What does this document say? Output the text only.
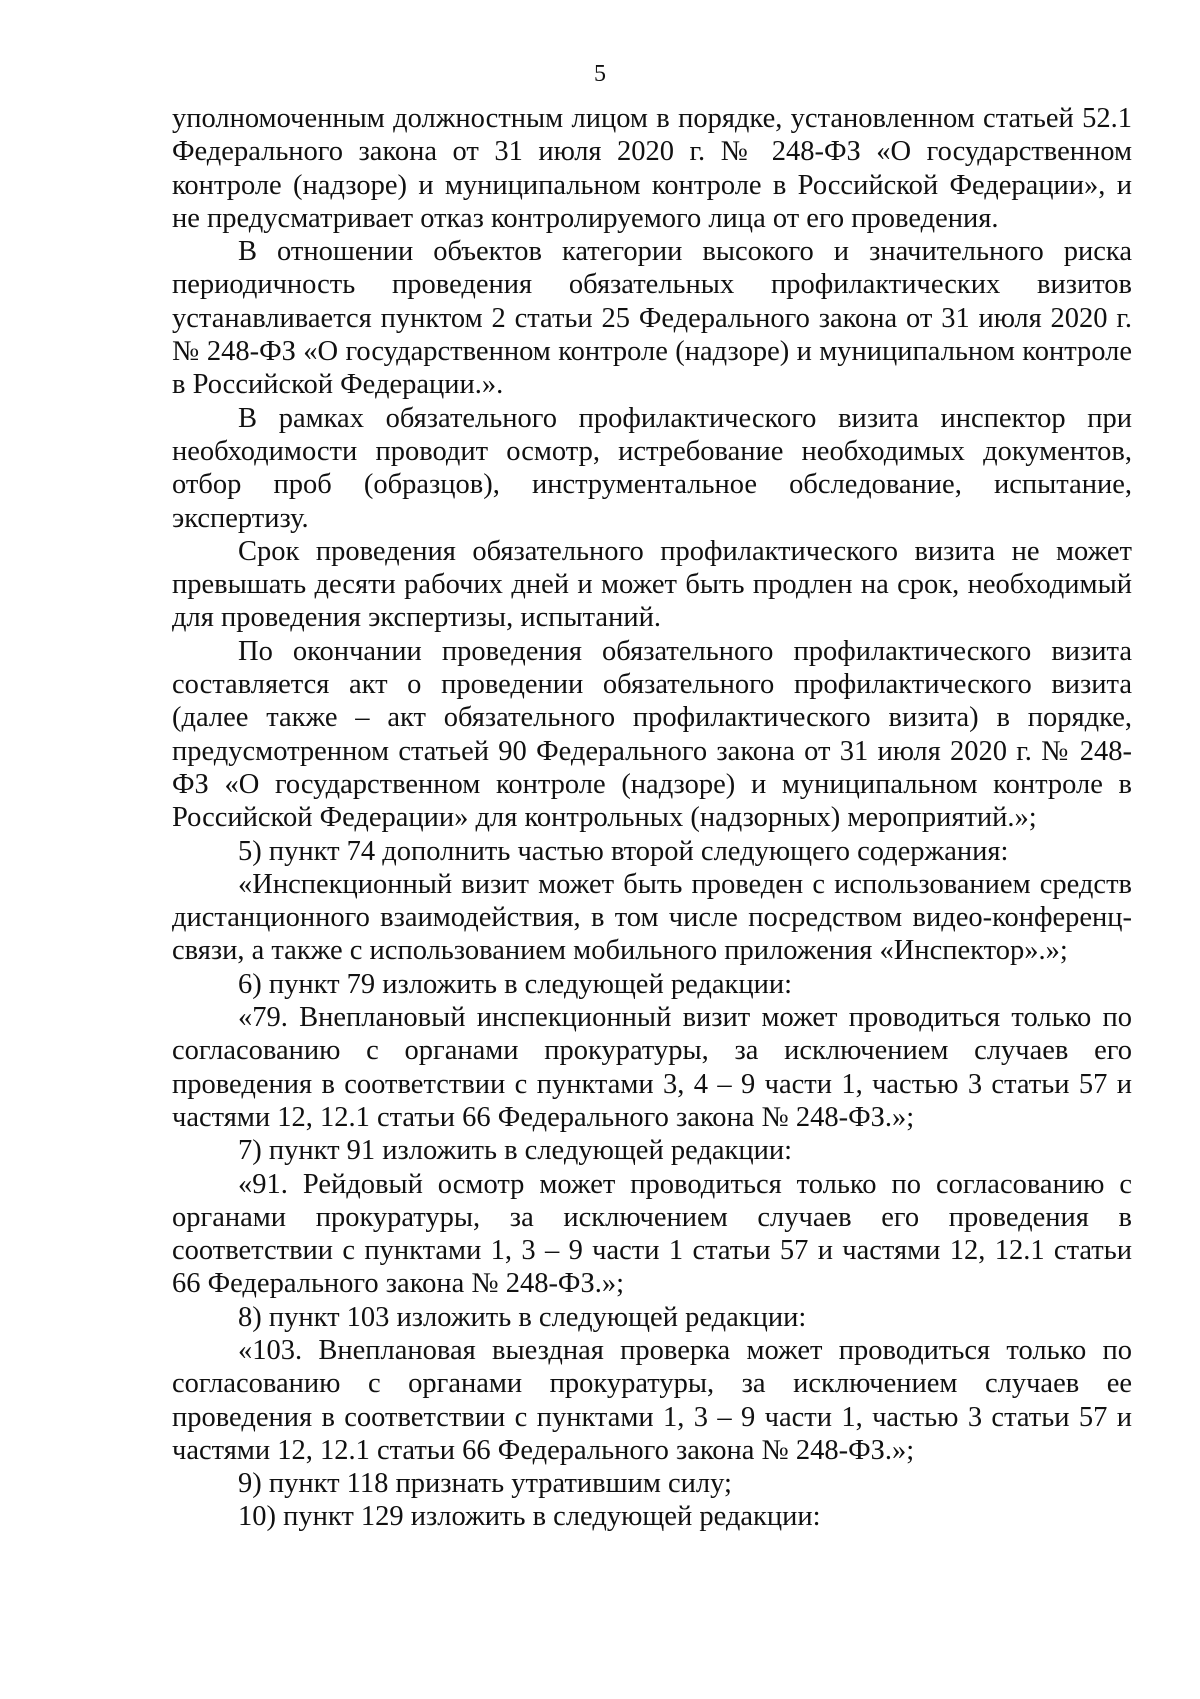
5

уполномоченным должностным лицом в порядке, установленном статьей 52.1 Федерального закона от 31 июля 2020 г. № 248-ФЗ «О государственном контроле (надзоре) и муниципальном контроле в Российской Федерации», и не предусматривает отказ контролируемого лица от его проведения.

В отношении объектов категории высокого и значительного риска периодичность проведения обязательных профилактических визитов устанавливается пунктом 2 статьи 25 Федерального закона от 31 июля 2020 г. № 248-ФЗ «О государственном контроле (надзоре) и муниципальном контроле в Российской Федерации.».

В рамках обязательного профилактического визита инспектор при необходимости проводит осмотр, истребование необходимых документов, отбор проб (образцов), инструментальное обследование, испытание, экспертизу.

Срок проведения обязательного профилактического визита не может превышать десяти рабочих дней и может быть продлен на срок, необходимый для проведения экспертизы, испытаний.

По окончании проведения обязательного профилактического визита составляется акт о проведении обязательного профилактического визита (далее также – акт обязательного профилактического визита) в порядке, предусмотренном статьей 90 Федерального закона от 31 июля 2020 г. № 248-ФЗ «О государственном контроле (надзоре) и муниципальном контроле в Российской Федерации» для контрольных (надзорных) мероприятий.»;

5) пункт 74 дополнить частью второй следующего содержания:

«Инспекционный визит может быть проведен с использованием средств дистанционного взаимодействия, в том числе посредством видео-конференц-связи, а также с использованием мобильного приложения «Инспектор».»;

6) пункт 79 изложить в следующей редакции:

«79. Внеплановый инспекционный визит может проводиться только по согласованию с органами прокуратуры, за исключением случаев его проведения в соответствии с пунктами 3, 4 – 9 части 1, частью 3 статьи 57 и частями 12, 12.1 статьи 66 Федерального закона № 248-ФЗ.»;

7) пункт 91 изложить в следующей редакции:

«91. Рейдовый осмотр может проводиться только по согласованию с органами прокуратуры, за исключением случаев его проведения в соответствии с пунктами 1, 3 – 9 части 1 статьи 57 и частями 12, 12.1 статьи 66 Федерального закона № 248-ФЗ.»;

8) пункт 103 изложить в следующей редакции:

«103. Внеплановая выездная проверка может проводиться только по согласованию с органами прокуратуры, за исключением случаев ее проведения в соответствии с пунктами 1, 3 – 9 части 1, частью 3 статьи 57 и частями 12, 12.1 статьи 66 Федерального закона № 248-ФЗ.»;

9) пункт 118 признать утратившим силу;

10) пункт 129 изложить в следующей редакции:
